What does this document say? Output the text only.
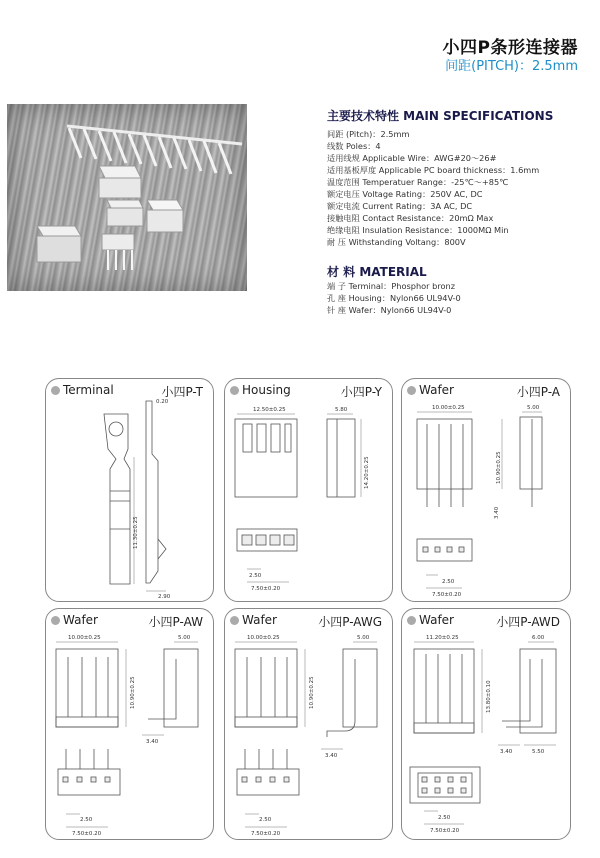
小四P条形连接器
间距(PITCH)：2.5mm
主要技术特性 MAIN SPECIFICATIONS
间距 (Pitch)：2.5mm
线数 Poles：4
适用线规 Applicable Wire：AWG#20～26#
适用基板厚度 Applicable PC board thickness：1.6mm
温度范围 Temperatuer Range：-25℃～+85℃
额定电压 Voltage Rating：250V AC, DC
额定电流 Current Rating：3A AC, DC
接触电阻 Contact Resistance：20mΩ Max
绝缘电阻 Insulation Resistance：1000MΩ Min
耐 压 Withstanding Voltang：800V
材 料 MATERIAL
端 子 Terminal：Phosphor bronz
孔 座 Housing：Nylon66 UL94V-0
针 座 Wafer：Nylon66 UL94V-0
Terminal	小四P-T
0.20
11.30±0.25
2.90
Housing	小四P-Y
12.50±0.25	5.80
14.20±0.25
2.50
7.50±0.20
Wafer	小四P-A
10.00±0.25	5.00
10.90±0.25
3.40
2.50
7.50±0.20
Wafer	小四P-AW
10.00±0.25
10.90±0.25
5.00
3.40
2.50
7.50±0.20
Wafer	小四P-AWG
10.00±0.25
10.90±0.25
5.00
3.40
2.50
7.50±0.20
Wafer	小四P-AWD
11.20±0.25
13.80±0.10
6.00
3.40	5.50
2.50
7.50±0.20
